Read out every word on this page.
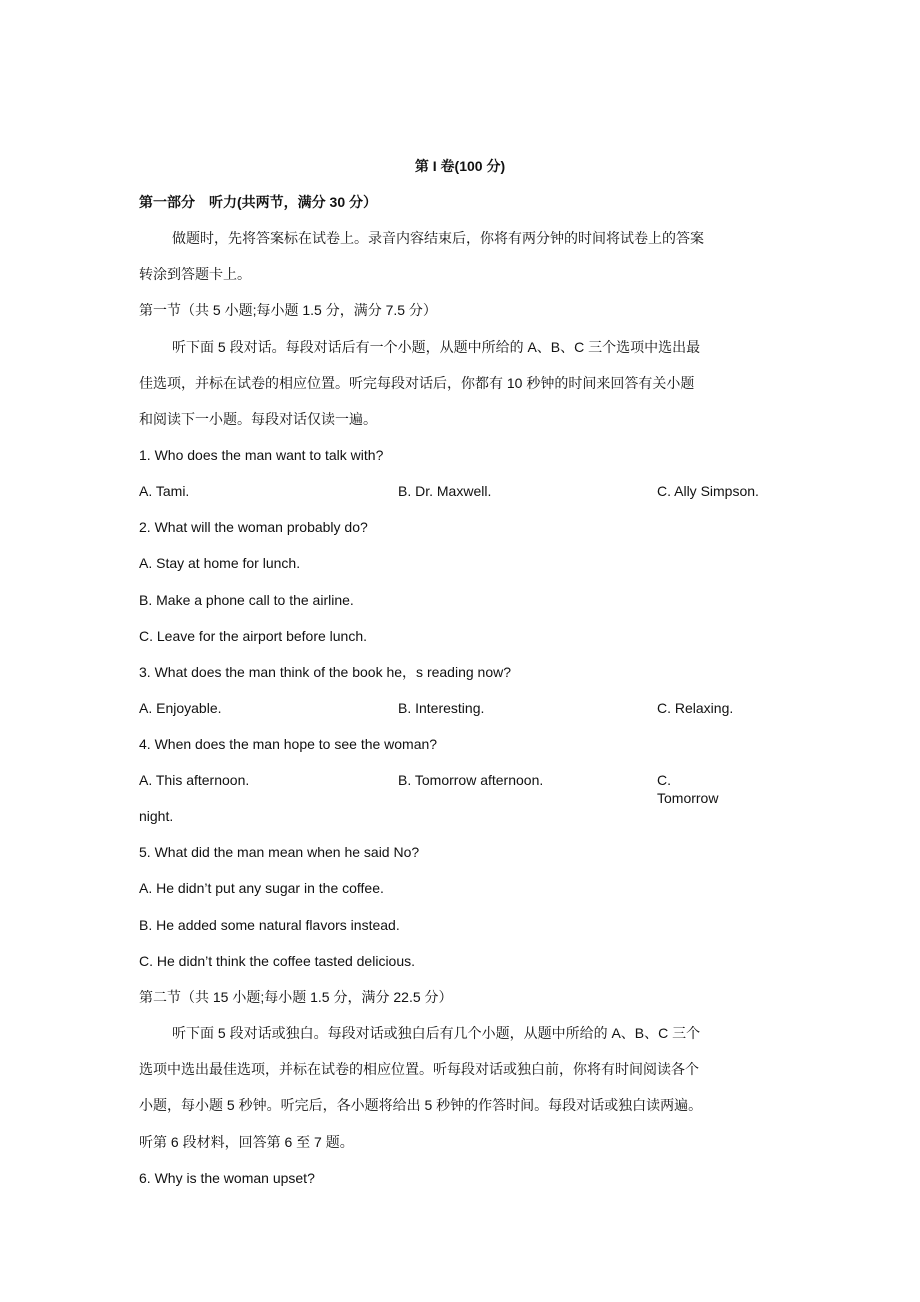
第 I 卷(100 分)
第一部分　听力(共两节，满分 30 分）
做题时，先将答案标在试卷上。录音内容结束后，你将有两分钟的时间将试卷上的答案
转涂到答题卡上。
第一节（共 5 小题;每小题 1.5 分，满分 7.5 分）
听下面 5 段对话。每段对话后有一个小题，从题中所给的 A、B、C 三个选项中选出最
佳选项，并标在试卷的相应位置。听完每段对话后，你都有 10 秒钟的时间来回答有关小题
和阅读下一小题。每段对话仅读一遍。
1. Who does the man want to talk with?
A. Tami.	B. Dr. Maxwell.	C. Ally Simpson.
2. What will the woman probably do?
A. Stay at home for lunch.
B. Make a phone call to the airline.
C. Leave for the airport before lunch.
3. What does the man think of the book he，s reading now?
A. Enjoyable.	B. Interesting.	C. Relaxing.
4. When does the man hope to see the woman?
A. This afternoon.	B. Tomorrow afternoon.	C.
Tomorrow
night.
5. What did the man mean when he said No?
A. He didn’t put any sugar in the coffee.
B. He added some natural flavors instead.
C. He didn’t think the coffee tasted delicious.
第二节（共 15 小题;每小题 1.5 分，满分 22.5 分）
听下面 5 段对话或独白。每段对话或独白后有几个小题，从题中所给的 A、B、C 三个
选项中选出最佳选项，并标在试卷的相应位置。听每段对话或独白前，你将有时间阅读各个
小题，每小题 5 秒钟。听完后，各小题将给出 5 秒钟的作答时间。每段对话或独白读两遍。
听第 6 段材料，回答第 6 至 7 题。
6. Why is the woman upset?
